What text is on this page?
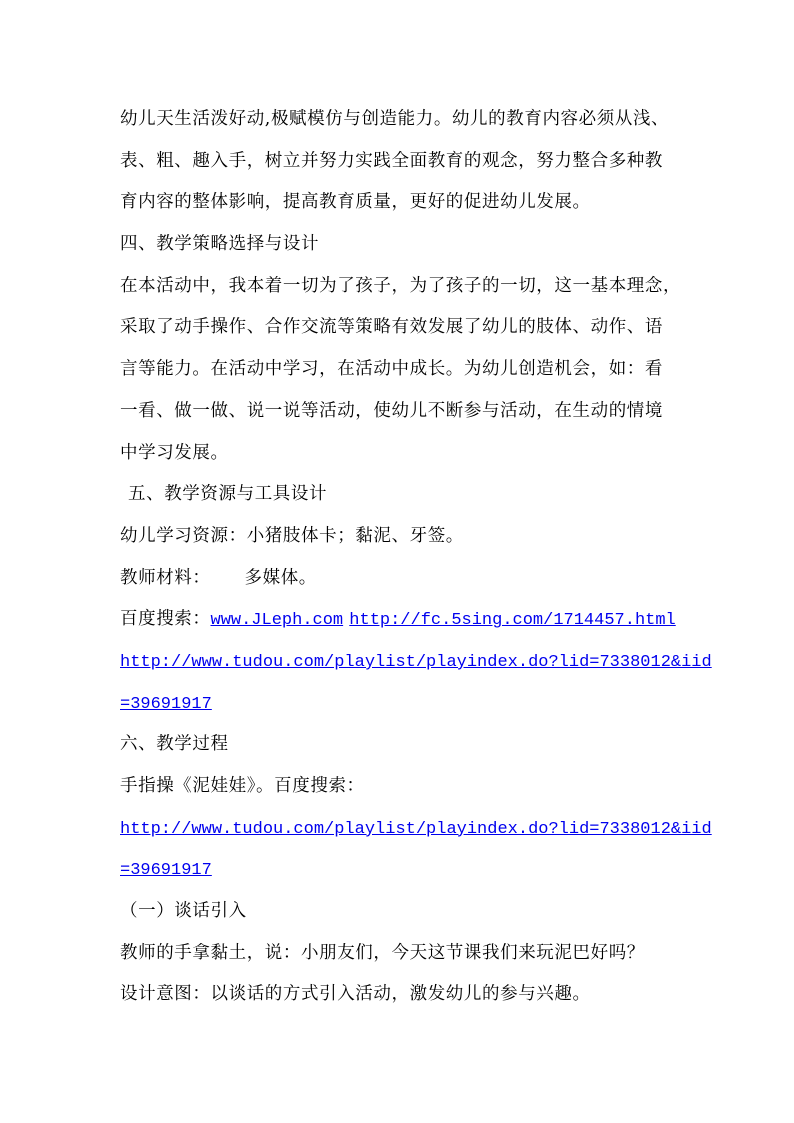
幼儿天生活泼好动,极赋模仿与创造能力。幼儿的教育内容必须从浅、
表、粗、趣入手，树立并努力实践全面教育的观念，努力整合多种教
育内容的整体影响，提高教育质量，更好的促进幼儿发展。
四、教学策略选择与设计
在本活动中，我本着一切为了孩子，为了孩子的一切，这一基本理念，
采取了动手操作、合作交流等策略有效发展了幼儿的肢体、动作、语
言等能力。在活动中学习，在活动中成长。为幼儿创造机会，如：看
一看、做一做、说一说等活动，使幼儿不断参与活动，在生动的情境
中学习发展。
五、教学资源与工具设计
幼儿学习资源：小猪肢体卡；黏泥、牙签。
教师材料： 多媒体。
百度搜索：www.JLeph.com http://fc.5sing.com/1714457.html
http://www.tudou.com/playlist/playindex.do?lid=7338012&iid
=39691917
六、教学过程
手指操《泥娃娃》。百度搜索：
http://www.tudou.com/playlist/playindex.do?lid=7338012&iid
=39691917
（一）谈话引入
教师的手拿黏土，说：小朋友们，今天这节课我们来玩泥巴好吗？
设计意图：以谈话的方式引入活动，激发幼儿的参与兴趣。
